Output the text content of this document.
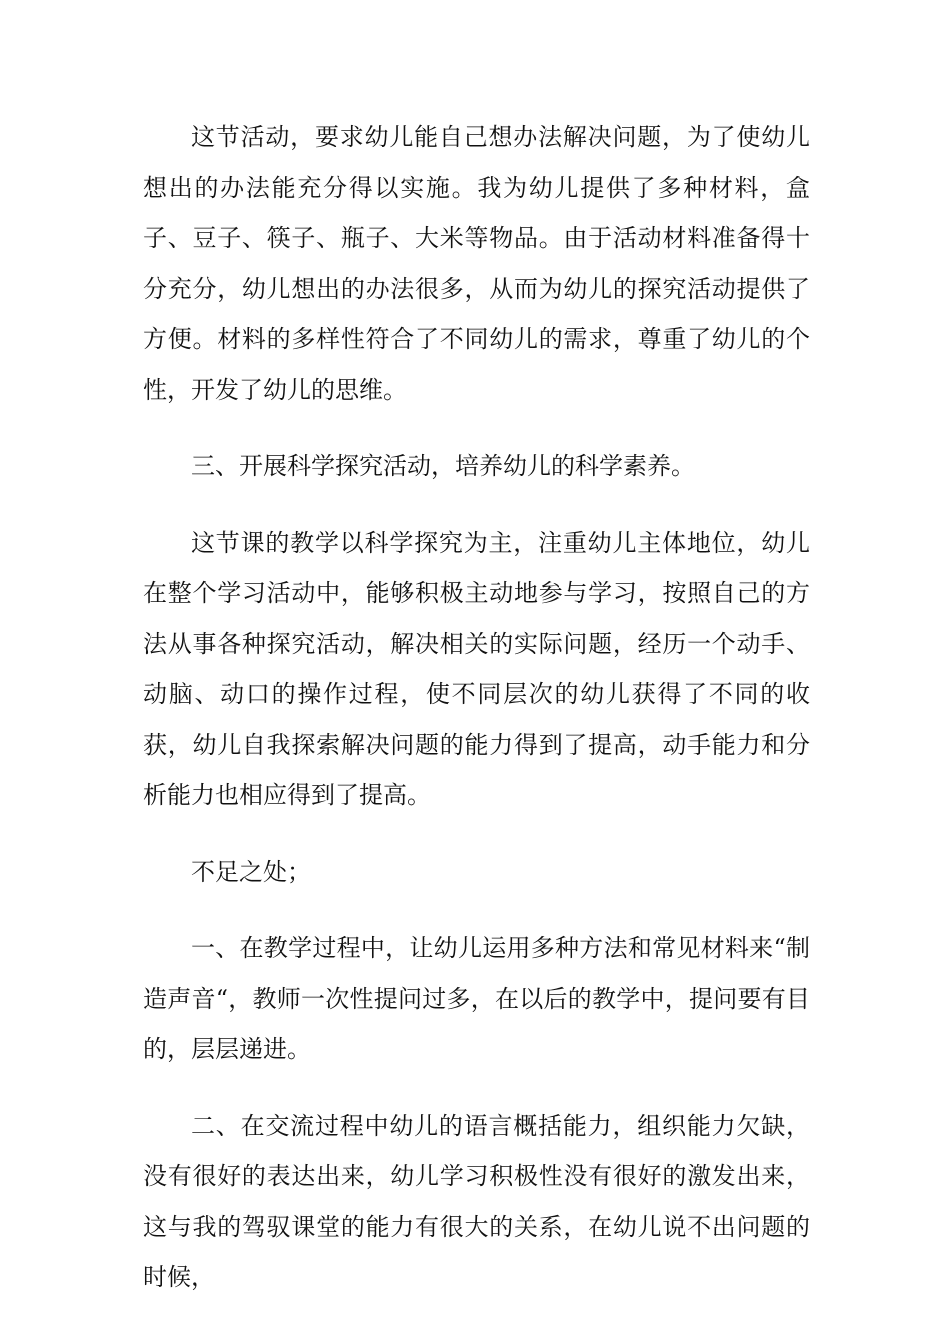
这节活动，要求幼儿能自己想办法解决问题，为了使幼儿想出的办法能充分得以实施。我为幼儿提供了多种材料，盒子、豆子、筷子、瓶子、大米等物品。由于活动材料准备得十分充分，幼儿想出的办法很多，从而为幼儿的探究活动提供了方便。材料的多样性符合了不同幼儿的需求，尊重了幼儿的个性，开发了幼儿的思维。

三、开展科学探究活动，培养幼儿的科学素养。

这节课的教学以科学探究为主，注重幼儿主体地位，幼儿在整个学习活动中，能够积极主动地参与学习，按照自己的方法从事各种探究活动，解决相关的实际问题，经历一个动手、动脑、动口的操作过程，使不同层次的幼儿获得了不同的收获，幼儿自我探索解决问题的能力得到了提高，动手能力和分析能力也相应得到了提高。

不足之处；

一、在教学过程中，让幼儿运用多种方法和常见材料来“制造声音“，教师一次性提问过多，在以后的教学中，提问要有目的，层层递进。

二、在交流过程中幼儿的语言概括能力，组织能力欠缺，没有很好的表达出来，幼儿学习积极性没有很好的激发出来，这与我的驾驭课堂的能力有很大的关系，在幼儿说不出问题的时候，
